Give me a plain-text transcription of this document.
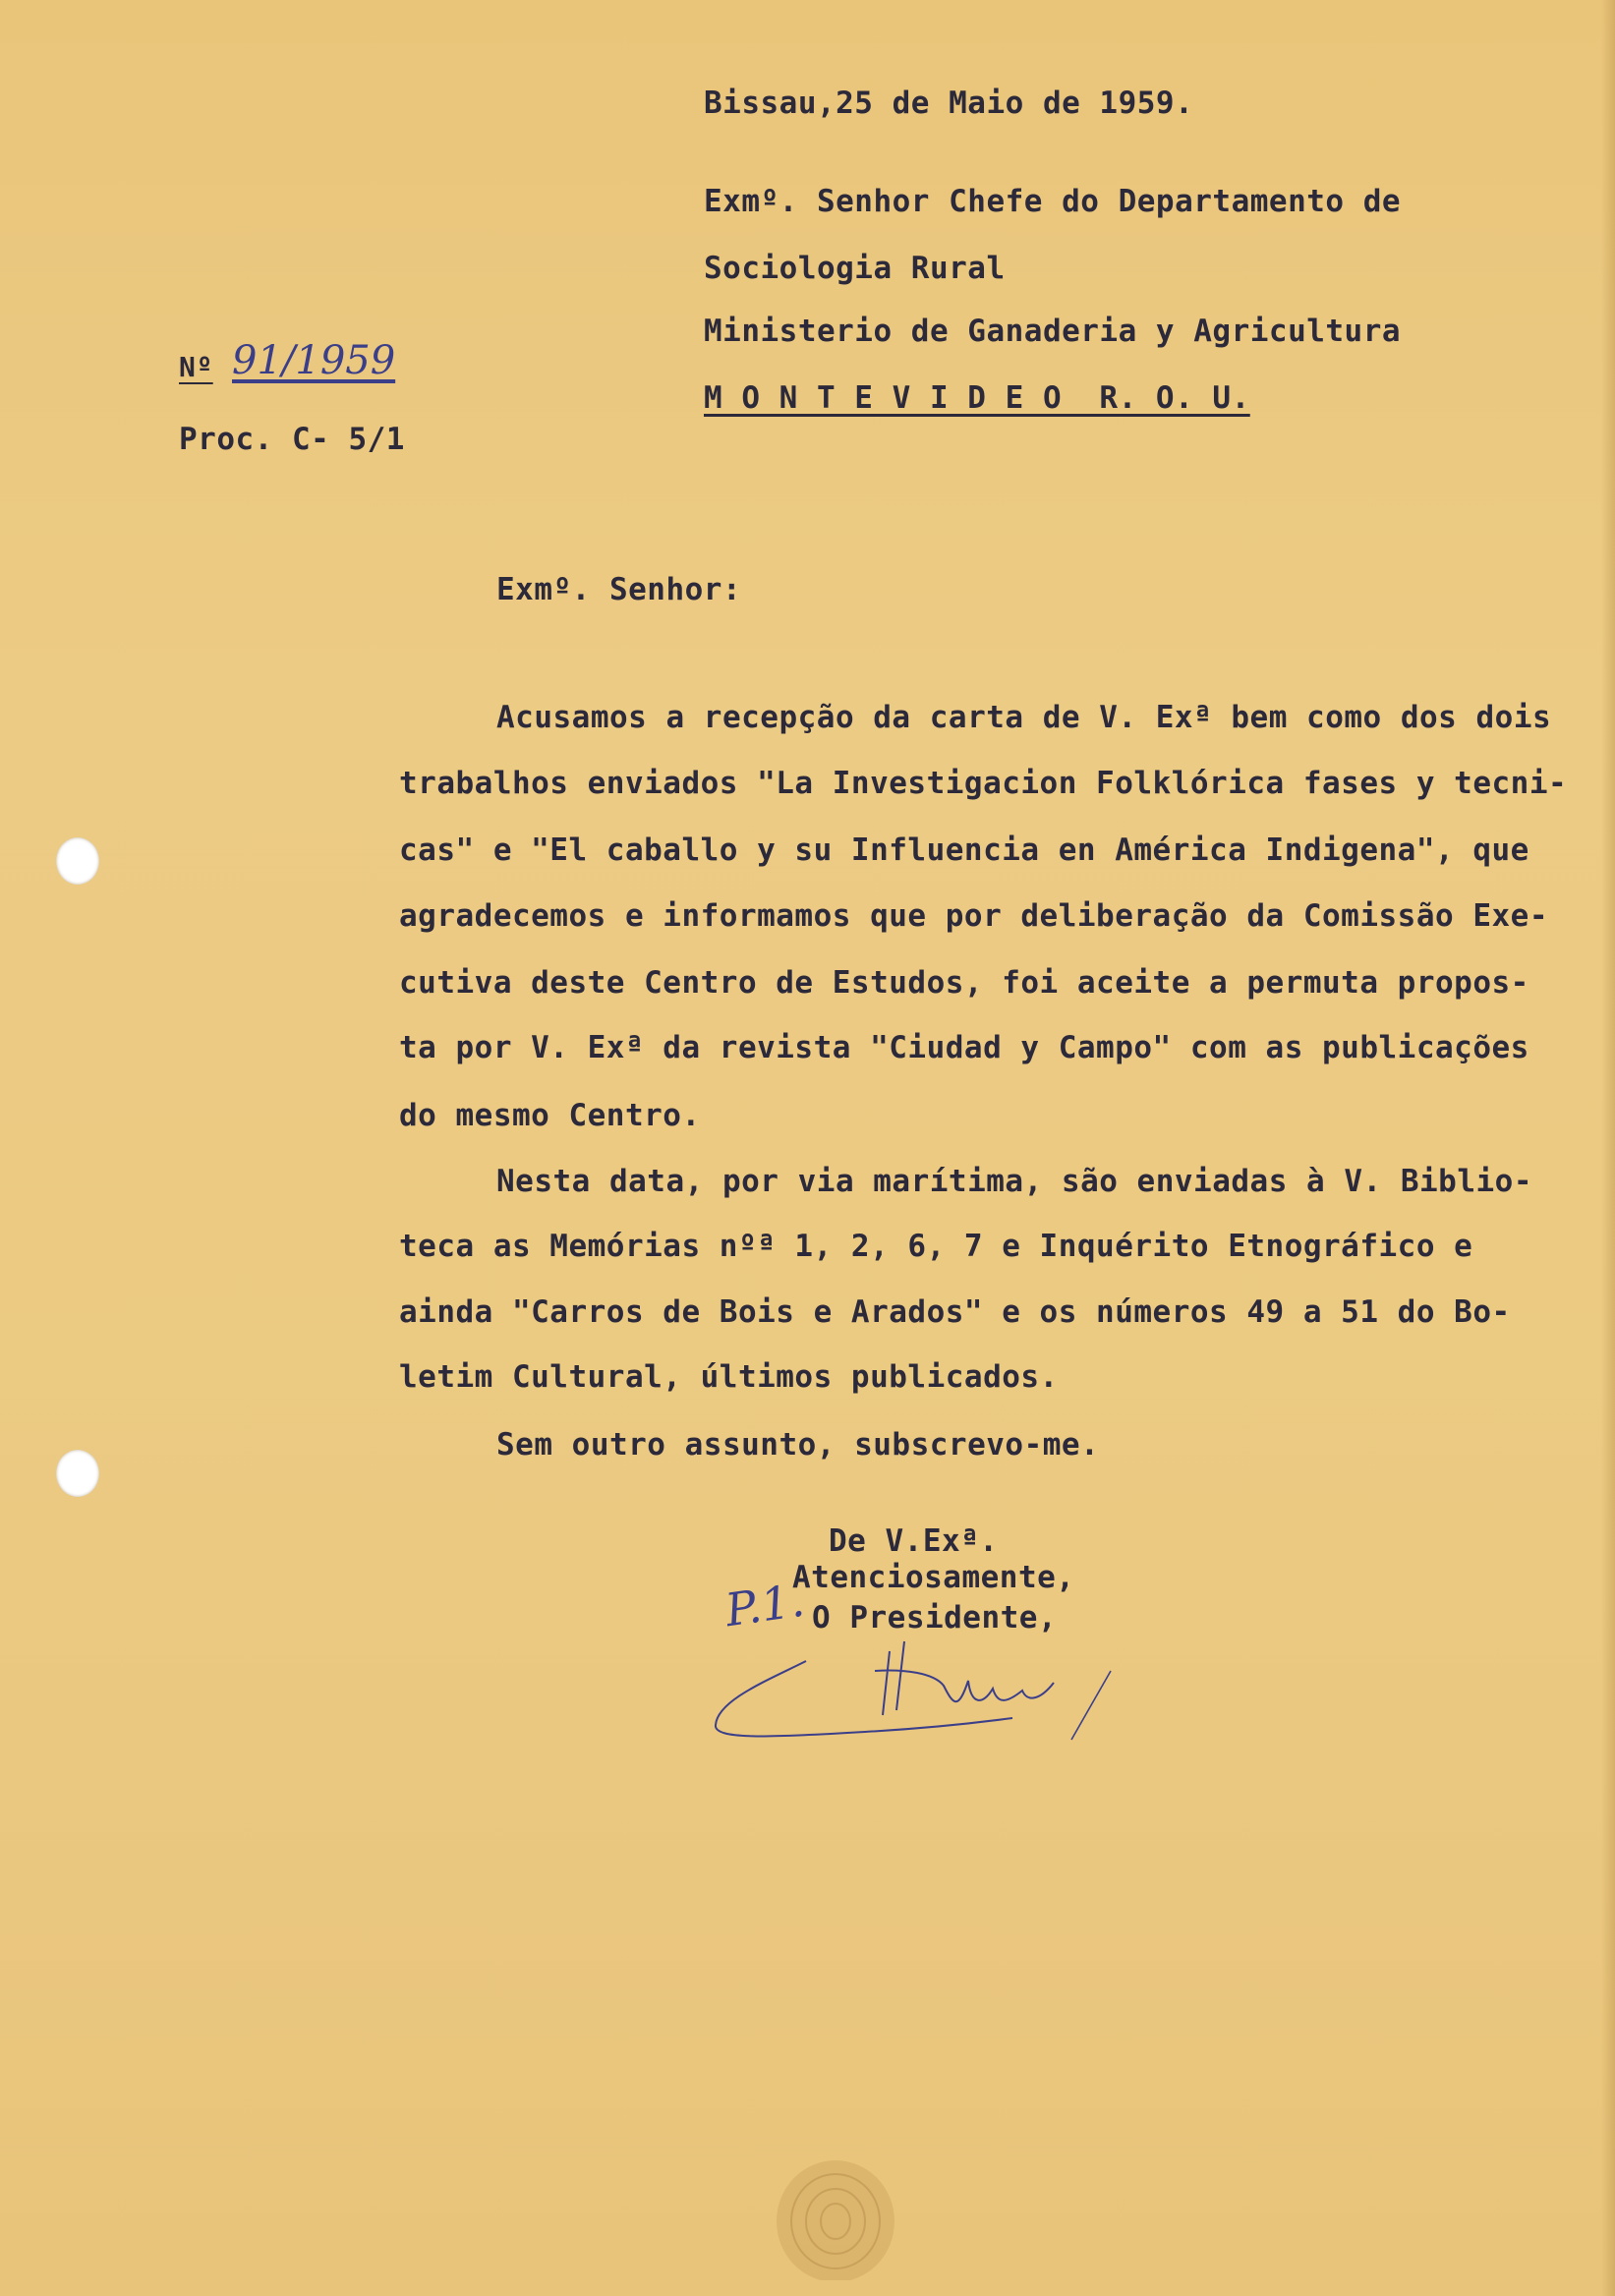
Bissau,25 de Maio de 1959.
Exmº. Senhor Chefe do Departamento de
Sociologia Rural
Ministerio de Ganaderia y Agricultura
M O N T E V I D E O  R. O. U.
Nº 91/1959
Proc. C- 5/1
Exmº. Senhor:
Acusamos a recepção da carta de V. Exª bem como dos dois
trabalhos enviados "La Investigacion Folklórica fases y tecni-
cas" e "El caballo y su Influencia en América Indigena", que
agradecemos e informamos que por deliberação da Comissão Exe-
cutiva deste Centro de Estudos, foi aceite a permuta propos-
ta por V. Exª da revista "Ciudad y Campo" com as publicações
do mesmo Centro.
Nesta data, por via marítima, são enviadas à V. Biblio-
teca as Memórias nºª 1, 2, 6, 7 e Inquérito Etnográfico e
ainda "Carros de Bois e Arados" e os números 49 a 51 do Bo-
letim Cultural, últimos publicados.
Sem outro assunto, subscrevo-me.
De V.Exª.
Atenciosamente,
O Presidente,
P.1.
